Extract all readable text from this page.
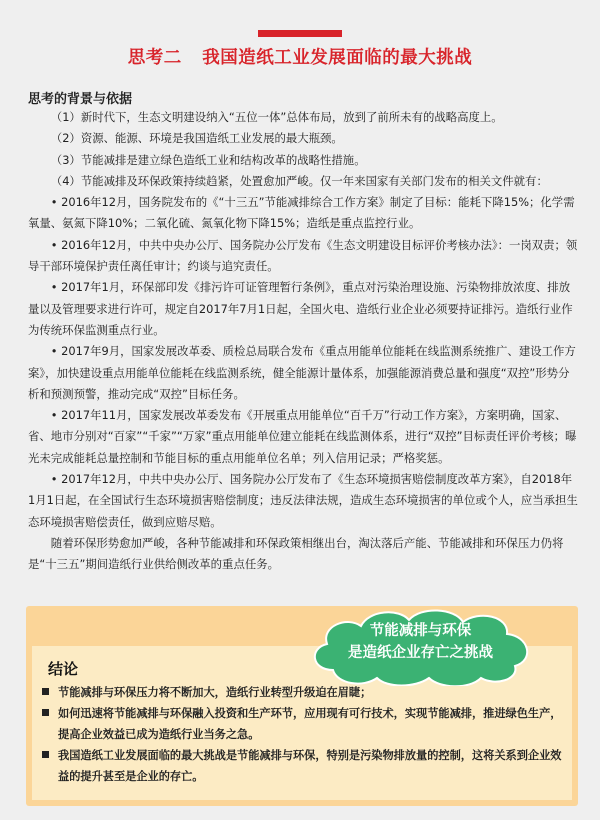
思考二 我国造纸工业发展面临的最大挑战
思考的背景与依据

（1）新时代下，生态文明建设纳入“五位一体”总体布局，放到了前所未有的战略高度上。

（2）资源、能源、环境是我国造纸工业发展的最大瓶颈。

（3）节能减排是建立绿色造纸工业和结构改革的战略性措施。

（4）节能减排及环保政策持续趋紧，处置愈加严峻。仅一年来国家有关部门发布的相关文件就有：

• 2016年12月，国务院发布的《“十三五”节能减排综合工作方案》制定了目标：能耗下降15%；化学需氧量、氨氮下降10%；二氧化硫、氮氧化物下降15%；造纸是重点监控行业。

• 2016年12月，中共中央办公厅、国务院办公厅发布《生态文明建设目标评价考核办法》：一岗双责；领导干部环境保护责任离任审计；约谈与追究责任。

• 2017年1月，环保部印发《排污许可证管理暂行条例》，重点对污染治理设施、污染物排放浓度、排放量以及管理要求进行许可，规定自2017年7月1日起，全国火电、造纸行业企业必须要持证排污。造纸行业作为传统环保监测重点行业。

• 2017年9月，国家发展改革委、质检总局联合发布《重点用能单位能耗在线监测系统推广、建设工作方案》，加快建设重点用能单位能耗在线监测系统，健全能源计量体系，加强能源消费总量和强度“双控”形势分析和预测预警，推动完成“双控”目标任务。

• 2017年11月，国家发展改革委发布《开展重点用能单位“百千万”行动工作方案》，方案明确，国家、省、地市分别对“百家”“千家”“万家”重点用能单位建立能耗在线监测体系，进行“双控”目标责任评价考核；曝光未完成能耗总量控制和节能目标的重点用能单位名单；列入信用记录；严格奖惩。

• 2017年12月，中共中央办公厅、国务院办公厅发布了《生态环境损害赔偿制度改革方案》，自2018年1月1日起，在全国试行生态环境损害赔偿制度；违反法律法规，造成生态环境损害的单位或个人，应当承担生态环境损害赔偿责任，做到应赔尽赔。

随着环保形势愈加严峻，各种节能减排和环保政策相继出台，淘汰落后产能、节能减排和环保压力仍将是“十三五”期间造纸行业供给侧改革的重点任务。

结论
节能减排与环保压力将不断加大，造纸行业转型升级迫在眉睫；
如何迅速将节能减排与环保融入投资和生产环节，应用现有可行技术，实现节能减排，推进绿色生产，提高企业效益已成为造纸行业当务之急。
我国造纸工业发展面临的最大挑战是节能减排与环保，特别是污染物排放量的控制，这将关系到企业效益的提升甚至是企业的存亡。
节能减排与环保
是造纸企业存亡之挑战
